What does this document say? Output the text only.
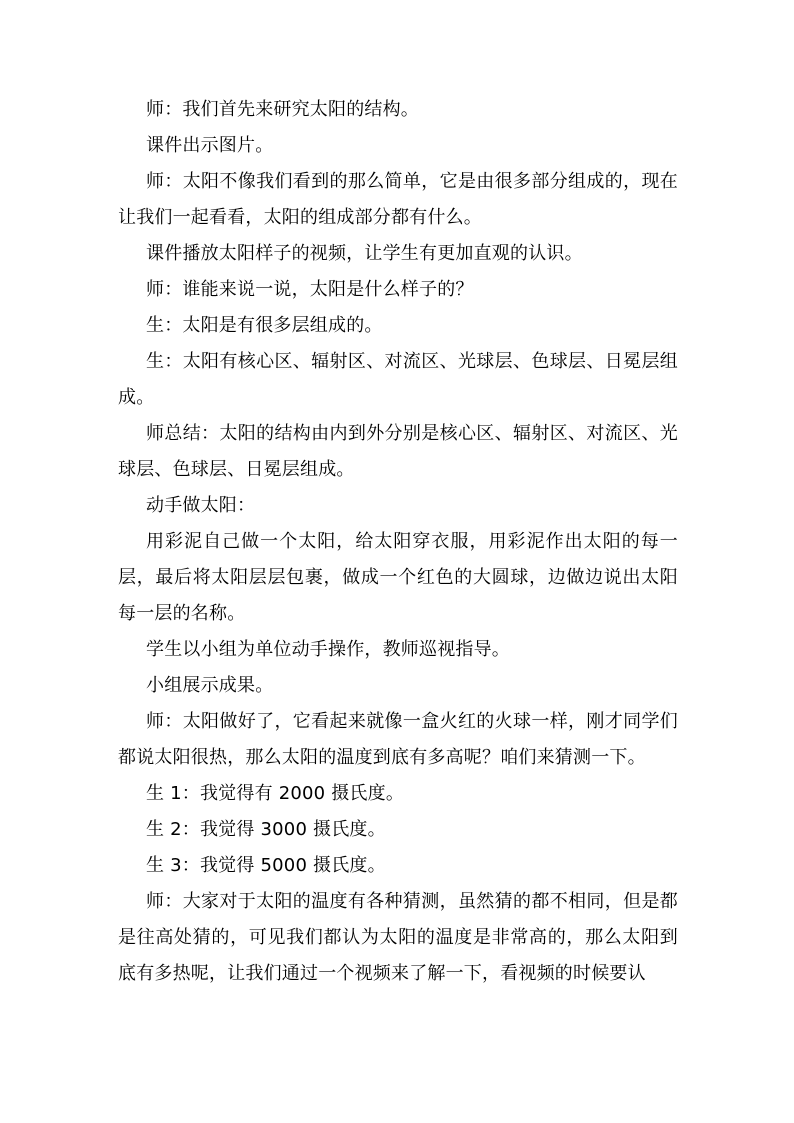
师：我们首先来研究太阳的结构。

课件出示图片。

师：太阳不像我们看到的那么简单，它是由很多部分组成的，现在让我们一起看看，太阳的组成部分都有什么。

课件播放太阳样子的视频，让学生有更加直观的认识。

师：谁能来说一说，太阳是什么样子的？

生：太阳是有很多层组成的。

生：太阳有核心区、辐射区、对流区、光球层、色球层、日冕层组成。

师总结：太阳的结构由内到外分别是核心区、辐射区、对流区、光球层、色球层、日冕层组成。

动手做太阳：

用彩泥自己做一个太阳，给太阳穿衣服，用彩泥作出太阳的每一层，最后将太阳层层包裹，做成一个红色的大圆球，边做边说出太阳每一层的名称。

学生以小组为单位动手操作，教师巡视指导。

小组展示成果。

师：太阳做好了，它看起来就像一盒火红的火球一样，刚才同学们都说太阳很热，那么太阳的温度到底有多高呢？咱们来猜测一下。

生 1：我觉得有 2000 摄氏度。

生 2：我觉得 3000 摄氏度。

生 3：我觉得 5000 摄氏度。

师：大家对于太阳的温度有各种猜测，虽然猜的都不相同，但是都是往高处猜的，可见我们都认为太阳的温度是非常高的，那么太阳到底有多热呢，让我们通过一个视频来了解一下，看视频的时候要认
